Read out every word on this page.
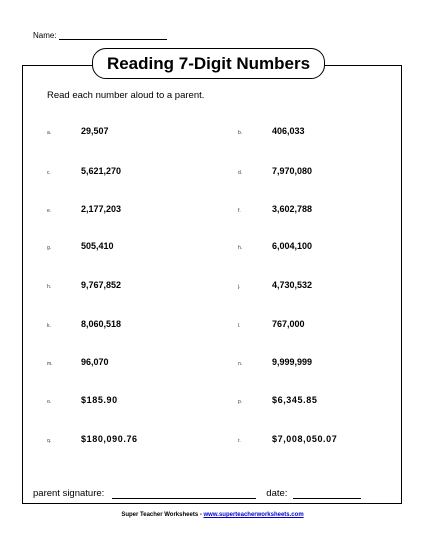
Name:
Reading 7-Digit Numbers
Read each number aloud to a parent.
a.	29,507	b.	406,033
c.	5,621,270	d.	7,970,080
e.	2,177,203	f.	3,602,788
g.	505,410	h.	6,004,100
h.	9,767,852	j.	4,730,532
k.	8,060,518	l.	767,000
m.	96,070	n.	9,999,999
o.	$185.90	p.	$6,345.85
q.	$180,090.76	r.	$7,008,050.07
parent signature:	date:
Super Teacher Worksheets - www.superteacherworksheets.com
